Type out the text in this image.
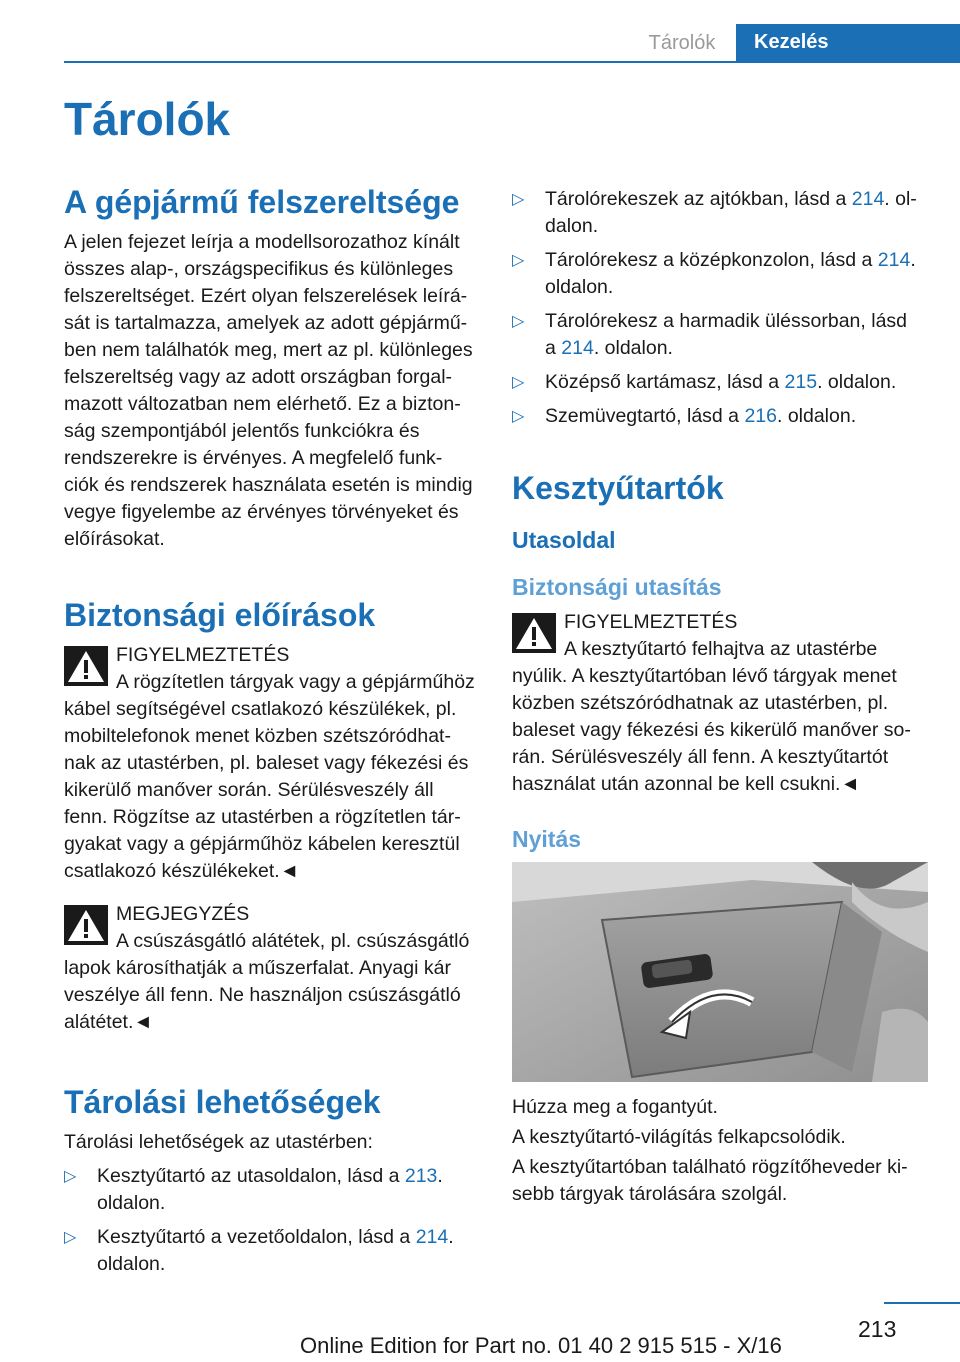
Tárolók	Kezelés
Tárolók
A gépjármű felszereltsége

A jelen fejezet leírja a modellsorozathoz kínált

összes alap-, országspecifikus és különleges

felszereltséget. Ezért olyan felszerelések leírá‐

sát is tartalmazza, amelyek az adott gépjármű‐

ben nem találhatók meg, mert az pl. különleges

felszereltség vagy az adott országban forgal‐

mazott változatban nem elérhető. Ez a bizton‐

ság szempontjából jelentős funkciókra és

rendszerekre is érvényes. A megfelelő funk‐

ciók és rendszerek használata esetén is mindig

vegye figyelembe az érvényes törvényeket és

előírásokat.

Biztonsági előírások

FIGYELMEZTETÉS

A rögzítetlen tárgyak vagy a gépjárműhöz

kábel segítségével csatlakozó készülékek, pl.

mobiltelefonok menet közben szétszóródhat‐

nak az utastérben, pl. baleset vagy fékezési és

kikerülő manőver során. Sérülésveszély áll

fenn. Rögzítse az utastérben a rögzítetlen tár‐

gyakat vagy a gépjárműhöz kábelen keresztül

csatlakozó készülékeket.◄

MEGJEGYZÉS

A csúszásgátló alátétek, pl. csúszásgátló

lapok károsíthatják a műszerfalat. Anyagi kár

veszélye áll fenn. Ne használjon csúszásgátló

alátétet.◄

Tárolási lehetőségek

Tárolási lehetőségek az utastérben:

▷ Kesztyűtartó az utasoldalon, lásd a 213.
oldalon.
▷ Kesztyűtartó a vezetőoldalon, lásd a 214.
oldalon.
▷ Tárolórekeszek az ajtókban, lásd a 214. ol‐
dalon.
▷ Tárolórekesz a középkonzolon, lásd a 214.
oldalon.
▷ Tárolórekesz a harmadik üléssorban, lásd
a 214. oldalon.
▷ Középső kartámasz, lásd a 215. oldalon.
▷ Szemüvegtartó, lásd a 216. oldalon.
Kesztyűtartók
Utasoldal
Biztonsági utasítás

FIGYELMEZTETÉS

A kesztyűtartó felhajtva az utastérbe

nyúlik. A kesztyűtartóban lévő tárgyak menet

közben szétszóródhatnak az utastérben, pl.

baleset vagy fékezési és kikerülő manőver so‐

rán. Sérülésveszély áll fenn. A kesztyűtartót

használat után azonnal be kell csukni.◄

Nyitás

Húzza meg a fogantyút.

A kesztyűtartó-világítás felkapcsolódik.

A kesztyűtartóban található rögzítőheveder ki‐

sebb tárgyak tárolására szolgál.

213
Online Edition for Part no. 01 40 2 915 515 - X/16
